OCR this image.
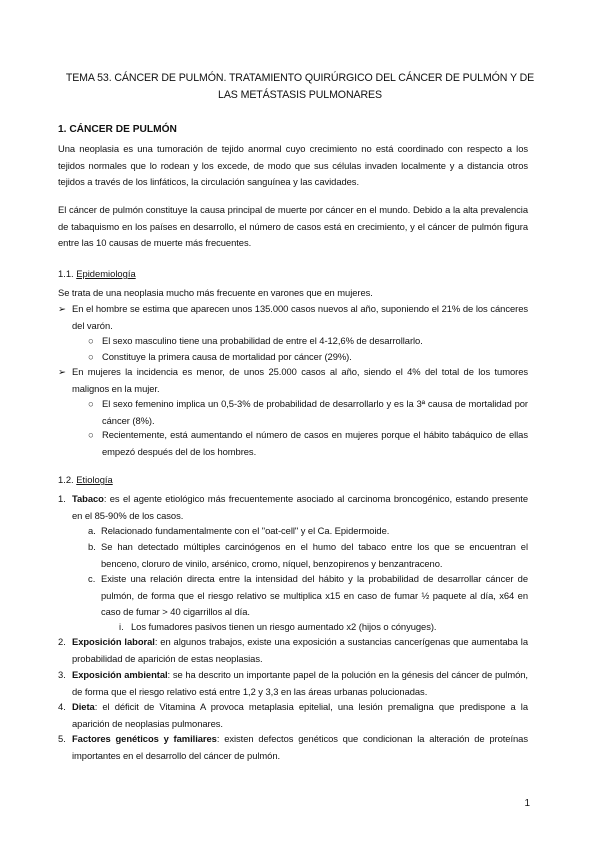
TEMA 53. CÁNCER DE PULMÓN. TRATAMIENTO QUIRÚRGICO DEL CÁNCER DE PULMÓN Y DE
LAS METÁSTASIS PULMONARES
1. CÁNCER DE PULMÓN
Una neoplasia es una tumoración de tejido anormal cuyo crecimiento no está coordinado con respecto a los tejidos normales que lo rodean y los excede, de modo que sus células invaden localmente y a distancia otros tejidos a través de los linfáticos, la circulación sanguínea y las cavidades.
El cáncer de pulmón constituye la causa principal de muerte por cáncer en el mundo. Debido a la alta prevalencia de tabaquismo en los países en desarrollo, el número de casos está en crecimiento, y el cáncer de pulmón figura entre las 10 causas de muerte más frecuentes.
1.1. Epidemiología
Se trata de una neoplasia mucho más frecuente en varones que en mujeres.
➢ En el hombre se estima que aparecen unos 135.000 casos nuevos al año, suponiendo el 21% de los cánceres del varón.
○ El sexo masculino tiene una probabilidad de entre el 4-12,6% de desarrollarlo.
○ Constituye la primera causa de mortalidad por cáncer (29%).
➢ En mujeres la incidencia es menor, de unos 25.000 casos al año, siendo el 4% del total de los tumores malignos en la mujer.
○ El sexo femenino implica un 0,5-3% de probabilidad de desarrollarlo y es la 3ª causa de mortalidad por cáncer (8%).
○ Recientemente, está aumentando el número de casos en mujeres porque el hábito tabáquico de ellas empezó después del de los hombres.
1.2. Etiología
1. Tabaco: es el agente etiológico más frecuentemente asociado al carcinoma broncogénico, estando presente en el 85-90% de los casos.
a. Relacionado fundamentalmente con el "oat-cell" y el Ca. Epidermoide.
b. Se han detectado múltiples carcinógenos en el humo del tabaco entre los que se encuentran el benceno, cloruro de vinilo, arsénico, cromo, níquel, benzopirenos y benzantraceno.
c. Existe una relación directa entre la intensidad del hábito y la probabilidad de desarrollar cáncer de pulmón, de forma que el riesgo relativo se multiplica x15 en caso de fumar ½ paquete al día, x64 en caso de fumar > 40 cigarrillos al día.
i. Los fumadores pasivos tienen un riesgo aumentado x2 (hijos o cónyuges).
2. Exposición laboral: en algunos trabajos, existe una exposición a sustancias cancerígenas que aumentaba la probabilidad de aparición de estas neoplasias.
3. Exposición ambiental: se ha descrito un importante papel de la polución en la génesis del cáncer de pulmón, de forma que el riesgo relativo está entre 1,2 y 3,3 en las áreas urbanas polucionadas.
4. Dieta: el déficit de Vitamina A provoca metaplasia epitelial, una lesión premaligna que predispone a la aparición de neoplasias pulmonares.
5. Factores genéticos y familiares: existen defectos genéticos que condicionan la alteración de proteínas importantes en el desarrollo del cáncer de pulmón.
1
